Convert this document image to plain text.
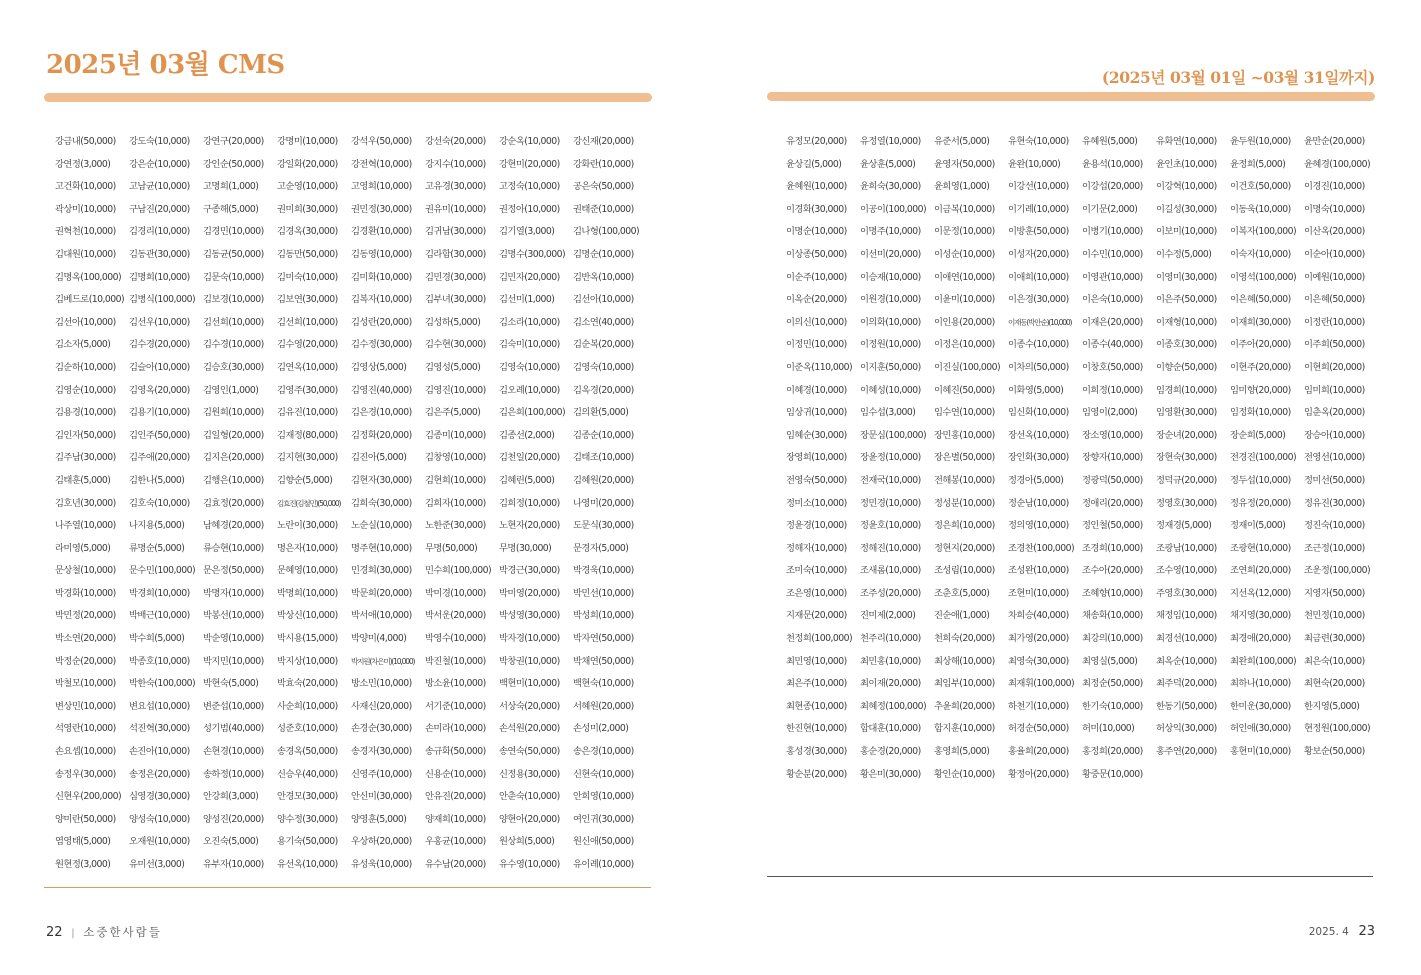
2025년 03월 CMS
강금내(50,000)	강도숙(10,000)	강연구(20,000)	강명미(10,000)	강석우(50,000)	강선숙(20,000)	강순옥(10,000)	강신재(20,000)
강연정(3,000)	강은순(10,000)	강인순(50,000)	강일화(20,000)	강전혁(10,000)	강지수(10,000)	강현미(20,000)	강화란(10,000)
고건화(10,000)	고남균(10,000)	고명희(1,000)	고순영(10,000)	고영희(10,000)	고유경(30,000)	고정숙(10,000)	공은숙(50,000)
곽상미(10,000)	구남진(20,000)	구종해(5,000)	권미희(30,000)	권민정(30,000)	권유미(10,000)	권정아(10,000)	권태준(10,000)
권혁천(10,000)	김경리(10,000)	김경민(10,000)	김경옥(30,000)	김경환(10,000)	김귀남(30,000)	김기열(3,000)	김나형(100,000)
김대원(10,000)	김동관(30,000)	김동균(50,000)	김동만(50,000)	김동영(10,000)	김라함(30,000)	김명수(300,000) 김명순(10,000)
김명옥(100,000) 김명희(10,000)	김문숙(10,000)	김미숙(10,000)	김미화(10,000)	김민경(30,000)	김민자(20,000)	김반옥(10,000)
김베드로(10,000) 김병식(100,000) 김보경(10,000)	김보연(30,000)	김복자(10,000)	김부녀(30,000)	김선미(1,000)	김선아(10,000)
김선아(10,000)	김선우(10,000)	김선희(10,000)	김선희(10,000)	김성란(20,000)	김성하(5,000)	김소라(10,000)	김소연(40,000)
김소자(5,000)	김수경(20,000)	김수경(10,000)	김수영(20,000)	김수정(30,000)	김수현(30,000)	김숙미(10,000)	김순복(20,000)
김순하(10,000)	김슬아(10,000)	김승호(30,000)	김연옥(10,000)	김영상(5,000)	김영성(5,000)	김영숙(10,000)	김영숙(10,000)
김영순(10,000)	김영옥(20,000)	김영인(1,000)	김영주(30,000)	김영진(40,000)	김영진(10,000)	김오례(10,000)	김옥경(20,000)
김용경(10,000)	김용기(10,000)	김원희(10,000)	김유진(10,000)	김은경(10,000)	김은주(5,000)	김은희(100,000) 김의환(5,000)
김인자(50,000)	김인주(50,000)	김일형(20,000)	김재정(80,000)	김정화(20,000)	김종미(10,000)	김종선(2,000)	김종순(10,000)
김주남(30,000)	김주애(20,000)	김지은(20,000)	김지현(30,000)	김진아(5,000)	김창영(10,000)	김천일(20,000)	김태조(10,000)
김태훈(5,000)	김한나(5,000)	김행은(10,000)	김향순(5,000)	김현자(30,000)	김현희(10,000)	김혜린(5,000)	김혜원(20,000)
김호년(30,000)	김호숙(10,000)	김효정(20,000)	김효진(김철민)(50,000)	김희숙(30,000)	김희자(10,000)	김희정(10,000)	나영미(20,000)
나주열(10,000)	나지용(5,000)	남혜경(20,000)	노란이(30,000)	노순실(10,000)	노한준(30,000)	노현자(20,000)	도문식(30,000)
라미영(5,000)	류명순(5,000)	류승현(10,000)	명은자(10,000)	명주현(10,000)	무명(50,000)	무명(30,000)	문경자(5,000)
문상철(10,000)	문수민(100,000) 문은정(50,000)	문혜영(10,000)	민경희(30,000)	민수희(100,000) 박경근(30,000)	박경욱(10,000)
박경화(10,000)	박경희(10,000)	박명자(10,000)	박명희(10,000)	박문희(20,000)	박미경(10,000)	박미영(20,000)	박민선(10,000)
박민정(20,000)	박배근(10,000)	박봉선(10,000)	박상신(10,000)	박서애(10,000)	박서운(20,000)	박성영(30,000)	박성희(10,000)
박소연(20,000)	박수희(5,000)	박순영(10,000)	박시용(15,000)	박양미(4,000)	박영수(10,000)	박자경(10,000)	박자연(50,000)
박정순(20,000)	박종호(10,000)	박지민(10,000)	박지상(10,000)	박지원(차은미)(10,000)	박진철(10,000)	박창권(10,000)	박채연(50,000)
박철모(10,000)	박한숙(100,000) 박현숙(5,000)	박효숙(20,000)	방소민(10,000)	방소윤(10,000)	백현미(10,000)	백현숙(10,000)
변상민(10,000)	변요섭(10,000)	변준섭(10,000)	사순희(10,000)	사재신(20,000)	서기준(10,000)	서상숙(20,000)	서혜원(20,000)
석영란(10,000)	석진혁(30,000)	성기범(40,000)	성준호(10,000)	손경순(30,000)	손미라(10,000)	손석원(20,000)	손성미(2,000)
손요셉(10,000)	손진아(10,000)	손현경(10,000)	송경옥(50,000)	송경자(30,000)	송규화(50,000)	송연숙(50,000)	송은경(10,000)
송정우(30,000)	송정은(20,000)	송하정(10,000)	신승우(40,000)	신영주(10,000)	신용순(10,000)	신정용(30,000)	신현숙(10,000)
신현우(200,000) 심영경(30,000)	안강희(3,000)	안경모(30,000)	안신미(30,000)	안유진(20,000)	안춘숙(10,000)	안희영(10,000)
양미란(50,000)	양성숙(10,000)	양성진(20,000)	양수정(30,000)	양영훈(5,000)	양재희(10,000)	양현아(20,000)	여인귀(30,000)
염영태(5,000)	오재원(10,000)	오진숙(5,000)	용기숙(50,000)	우상하(20,000)	우홍균(10,000)	원상희(5,000)	원신애(50,000)
원현정(3,000)	유미선(3,000)	유부자(10,000)	유선옥(10,000)	유성욱(10,000)	유수남(20,000)	유수영(10,000)	유이례(10,000)
22 | 소중한사람들
(2025년 03월 01일 ~03월 31일까지)
유정모(20,000)	유정열(10,000)	유준서(5,000)	유현숙(10,000)	유혜원(5,000)	유화연(10,000)	윤두원(10,000)	윤만순(20,000)
윤상길(5,000)	윤상훈(5,000)	윤영자(50,000)	윤완(10,000)	윤용석(10,000)	윤인초(10,000)	윤정희(5,000)	윤혜경(100,000)
윤혜원(10,000)	윤희숙(30,000)	윤희영(1,000)	이강선(10,000)	이강섭(20,000)	이강혁(10,000)	이건호(50,000)	이경진(10,000)
이경화(30,000)	이공이(100,000) 이금복(10,000)	이기례(10,000)	이기문(2,000)	이길성(30,000)	이동욱(10,000)	이명숙(10,000)
이명순(10,000)	이명주(10,000)	이문정(10,000)	이방훈(50,000)	이병기(10,000)	이보미(10,000)	이복자(100,000) 이산옥(20,000)
이상종(50,000)	이선미(20,000)	이성순(10,000)	이성자(20,000)	이수민(10,000)	이수정(5,000)	이숙자(10,000)	이순아(10,000)
이순주(10,000)	이승재(10,000)	이애연(10,000)	이애희(10,000)	이영관(10,000)	이영미(30,000)	이영석(100,000) 이예원(10,000)
이옥순(20,000)	이원경(10,000)	이윤미(10,000)	이은경(30,000)	이은숙(10,000)	이은주(50,000)	이은혜(50,000)	이은혜(50,000)
이의신(10,000)	이의화(10,000)	이인용(20,000)	이재동(박안순)(10,000)	이재은(20,000)	이재형(10,000)	이재희(30,000)	이정란(10,000)
이정민(10,000)	이정원(10,000)	이정은(10,000)	이종수(10,000)	이종수(40,000)	이종호(30,000)	이주아(20,000)	이주희(50,000)
이준옥(110,000) 이지훈(50,000)	이진실(100,000) 이차의(50,000)	이창호(50,000)	이향순(50,000)	이현주(20,000)	이현희(20,000)
이혜경(10,000)	이혜성(10,000)	이혜진(50,000)	이화영(5,000)	이희정(10,000)	임경희(10,000)	임미향(20,000)	임미희(10,000)
임상귀(10,000)	임수섭(3,000)	임수연(10,000)	임신화(10,000)	임영이(2,000)	임영환(30,000)	임정화(10,000)	임춘옥(20,000)
임혜순(30,000)	장문심(100,000) 장민홍(10,000)	장선옥(10,000)	장소영(10,000)	장순녀(20,000)	장순희(5,000)	장승아(10,000)
장영희(10,000)	장윤정(10,000)	장은별(50,000)	장인화(30,000)	장향자(10,000)	장현숙(30,000)	전경진(100,000) 전영선(10,000)
전영숙(50,000)	전재국(10,000)	전해봉(10,000)	정경아(5,000)	정광덕(50,000)	정덕규(20,000)	정두섭(10,000)	정미선(50,000)
정미소(10,000)	정민경(10,000)	정성분(10,000)	정순남(10,000)	정애리(20,000)	정영호(30,000)	정유정(20,000)	정유진(30,000)
정윤경(10,000)	정윤호(10,000)	정은희(10,000)	정의영(10,000)	정인철(50,000)	정재경(5,000)	정재이(5,000)	정진숙(10,000)
정해자(10,000)	정해진(10,000)	정현지(20,000)	조경찬(100,000) 조경희(10,000)	조광남(10,000)	조광현(10,000)	조근정(10,000)
조미숙(10,000)	조새롬(10,000)	조성림(10,000)	조성완(10,000)	조수아(20,000)	조수영(10,000)	조연희(20,000)	조운정(100,000)
조은영(10,000)	조주성(20,000)	조춘호(5,000)	조현미(10,000)	조혜향(10,000)	주영호(30,000)	지선옥(12,000)	지영자(50,000)
지재문(20,000)	진미제(2,000)	진순애(1,000)	차희승(40,000)	채송화(10,000)	채정임(10,000)	채지영(30,000)	천민정(10,000)
천정희(100,000) 천주리(10,000)	천희숙(20,000)	최가영(20,000)	최강의(10,000)	최경선(10,000)	최경애(20,000)	최금련(30,000)
최민영(10,000)	최민홍(10,000)	최상해(10,000)	최영숙(30,000)	최영실(5,000)	최옥순(10,000)	최완희(100,000) 최은숙(10,000)
최은주(10,000)	최이재(20,000)	최임부(10,000)	최재휘(100,000) 최정순(50,000)	최주덕(20,000)	최하나(10,000)	최현숙(20,000)
최현종(10,000)	최혜정(100,000) 추윤희(20,000)	하천기(10,000)	한기숙(10,000)	한동기(50,000)	한미운(30,000)	한지영(5,000)
한진현(10,000)	함대훈(10,000)	함지훈(10,000)	허경순(50,000)	허미(10,000)	허상익(30,000)	허인애(30,000)	현정원(100,000)
홍성경(30,000)	홍순경(20,000)	홍영희(5,000)	홍율희(20,000)	홍정희(20,000)	홍주연(20,000)	홍현미(10,000)	황보순(50,000)
황순분(20,000)	황은미(30,000)	황인순(10,000)	황정아(20,000)	황중문(10,000)
2025. 4 23
